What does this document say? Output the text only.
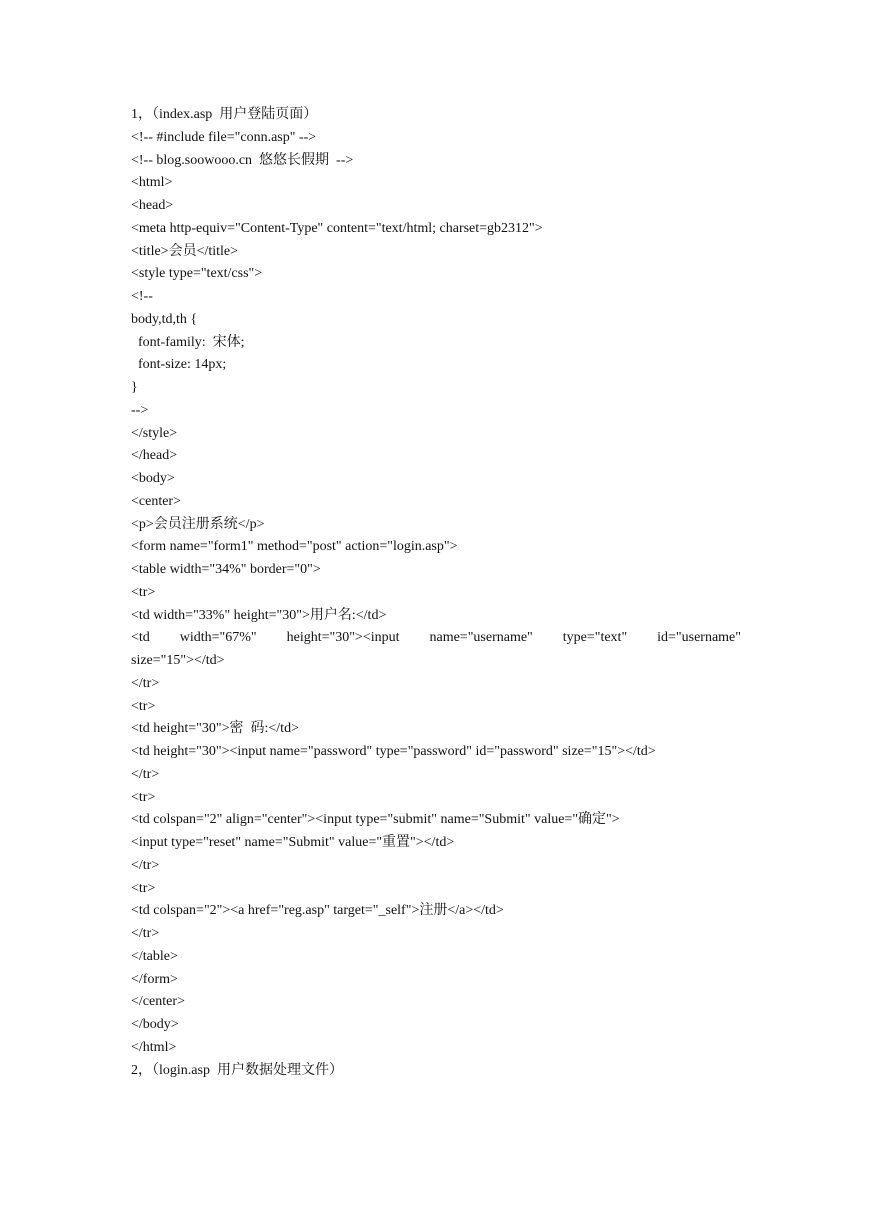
1，（index.asp  用户登陆页面）
<!-- #include file="conn.asp" -->
<!-- blog.soowooo.cn  悠悠长假期  -->
<html>
<head>
<meta http-equiv="Content-Type" content="text/html; charset=gb2312">
<title>会员</title>
<style type="text/css">
<!--
body,td,th {
font-family:  宋体;
font-size: 14px;
}
-->
</style>
</head>
<body>
<center>
<p>会员注册系统</p>
<form name="form1" method="post" action="login.asp">
<table width="34%" border="0">
<tr>
<td width="33%" height="30">用户名:</td>
<td width="67%" height="30"><input name="username" type="text" id="username"
size="15"></td>
</tr>
<tr>
<td height="30">密  码:</td>
<td height="30"><input name="password" type="password" id="password" size="15"></td>
</tr>
<tr>
<td colspan="2" align="center"><input type="submit" name="Submit" value="确定">
<input type="reset" name="Submit" value="重置"></td>
</tr>
<tr>
<td colspan="2"><a href="reg.asp" target="_self">注册</a></td>
</tr>
</table>
</form>
</center>
</body>
</html>
2，（login.asp  用户数据处理文件）
